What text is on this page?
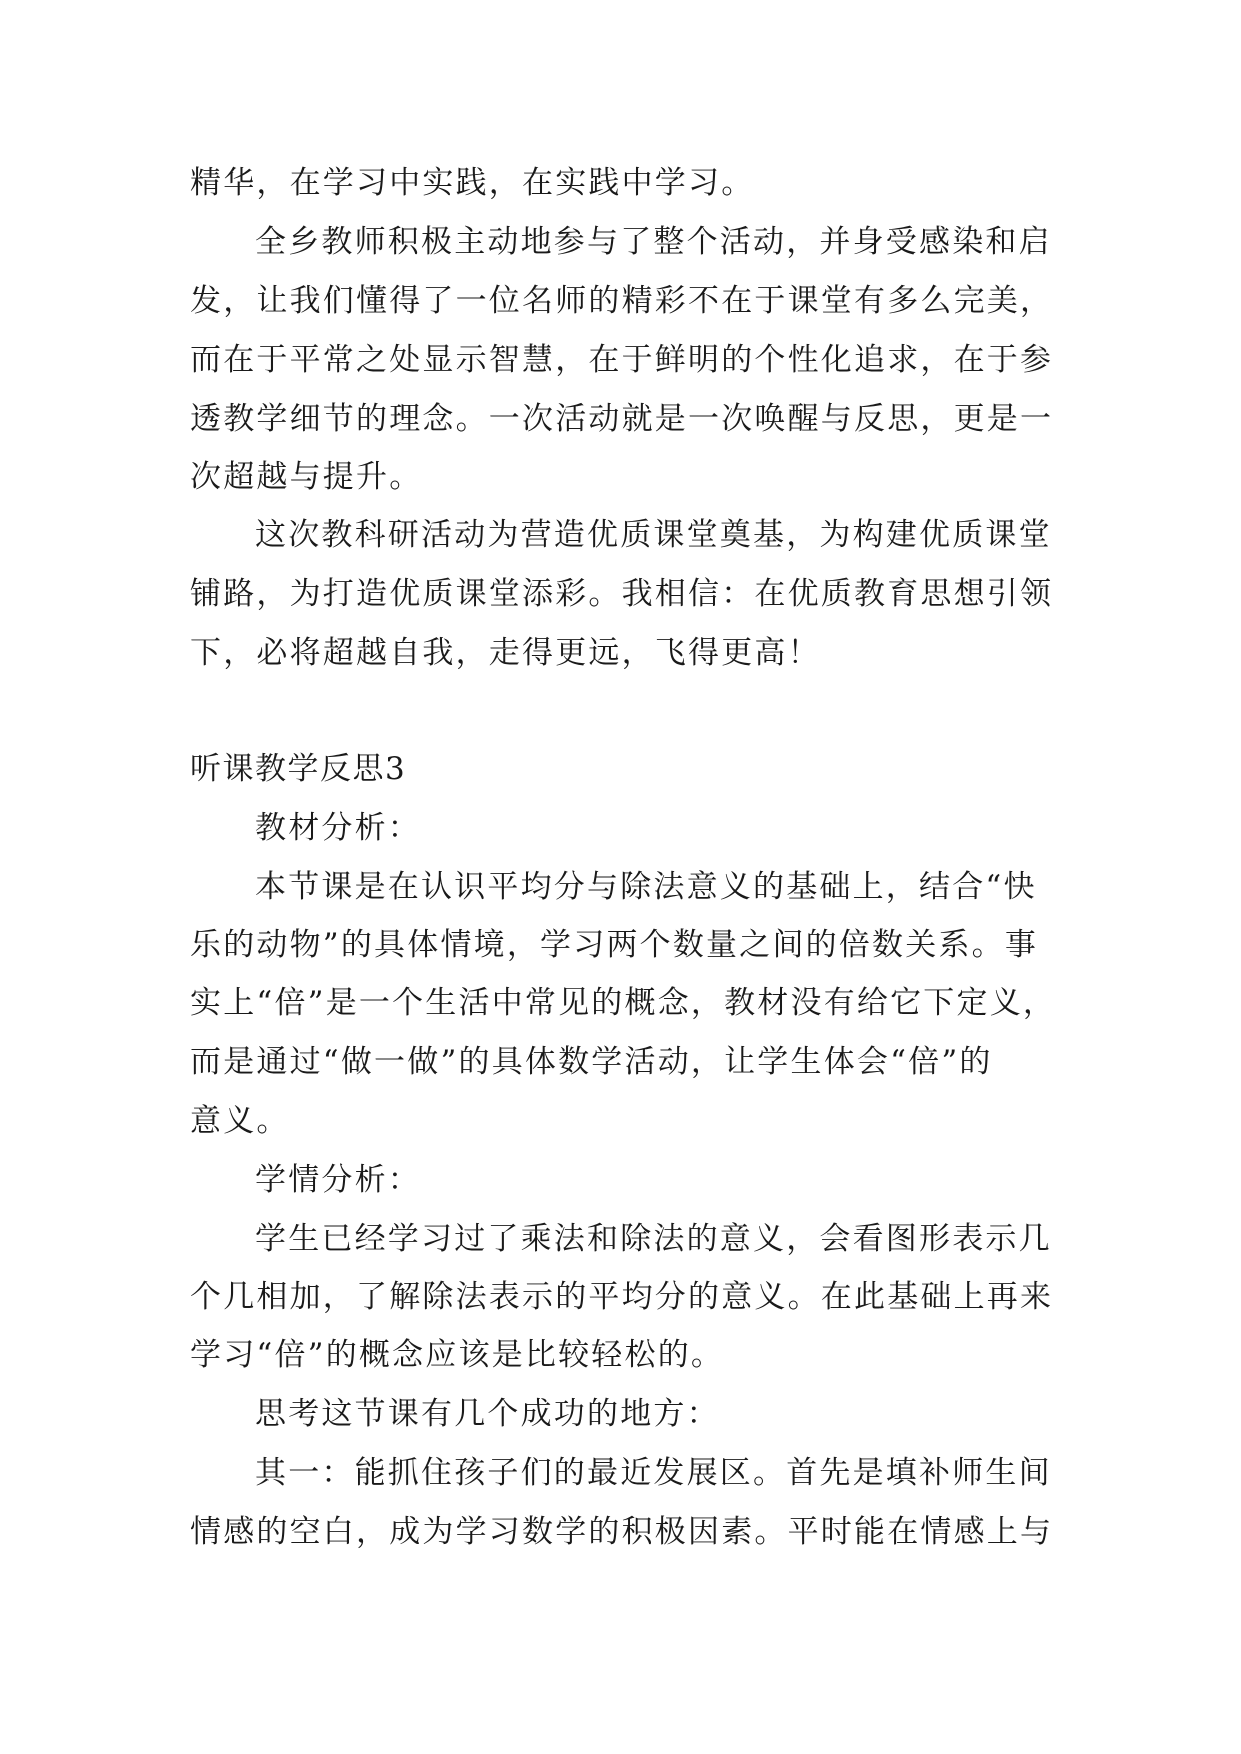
精华，在学习中实践，在实践中学习。
全乡教师积极主动地参与了整个活动，并身受感染和启
发，让我们懂得了一位名师的精彩不在于课堂有多么完美，
而在于平常之处显示智慧，在于鲜明的个性化追求，在于参
透教学细节的理念。一次活动就是一次唤醒与反思，更是一
次超越与提升。
这次教科研活动为营造优质课堂奠基，为构建优质课堂
铺路，为打造优质课堂添彩。我相信：在优质教育思想引领
下，必将超越自我，走得更远，飞得更高！
听课教学反思3
教材分析：
本节课是在认识平均分与除法意义的基础上，结合“快
乐的动物”的具体情境，学习两个数量之间的倍数关系。事
实上“倍”是一个生活中常见的概念，教材没有给它下定义，
而是通过“做一做”的具体数学活动，让学生体会“倍”的
意义。
学情分析：
学生已经学习过了乘法和除法的意义，会看图形表示几
个几相加，了解除法表示的平均分的意义。在此基础上再来
学习“倍”的概念应该是比较轻松的。
思考这节课有几个成功的地方：
其一：能抓住孩子们的最近发展区。首先是填补师生间
情感的空白，成为学习数学的积极因素。平时能在情感上与
